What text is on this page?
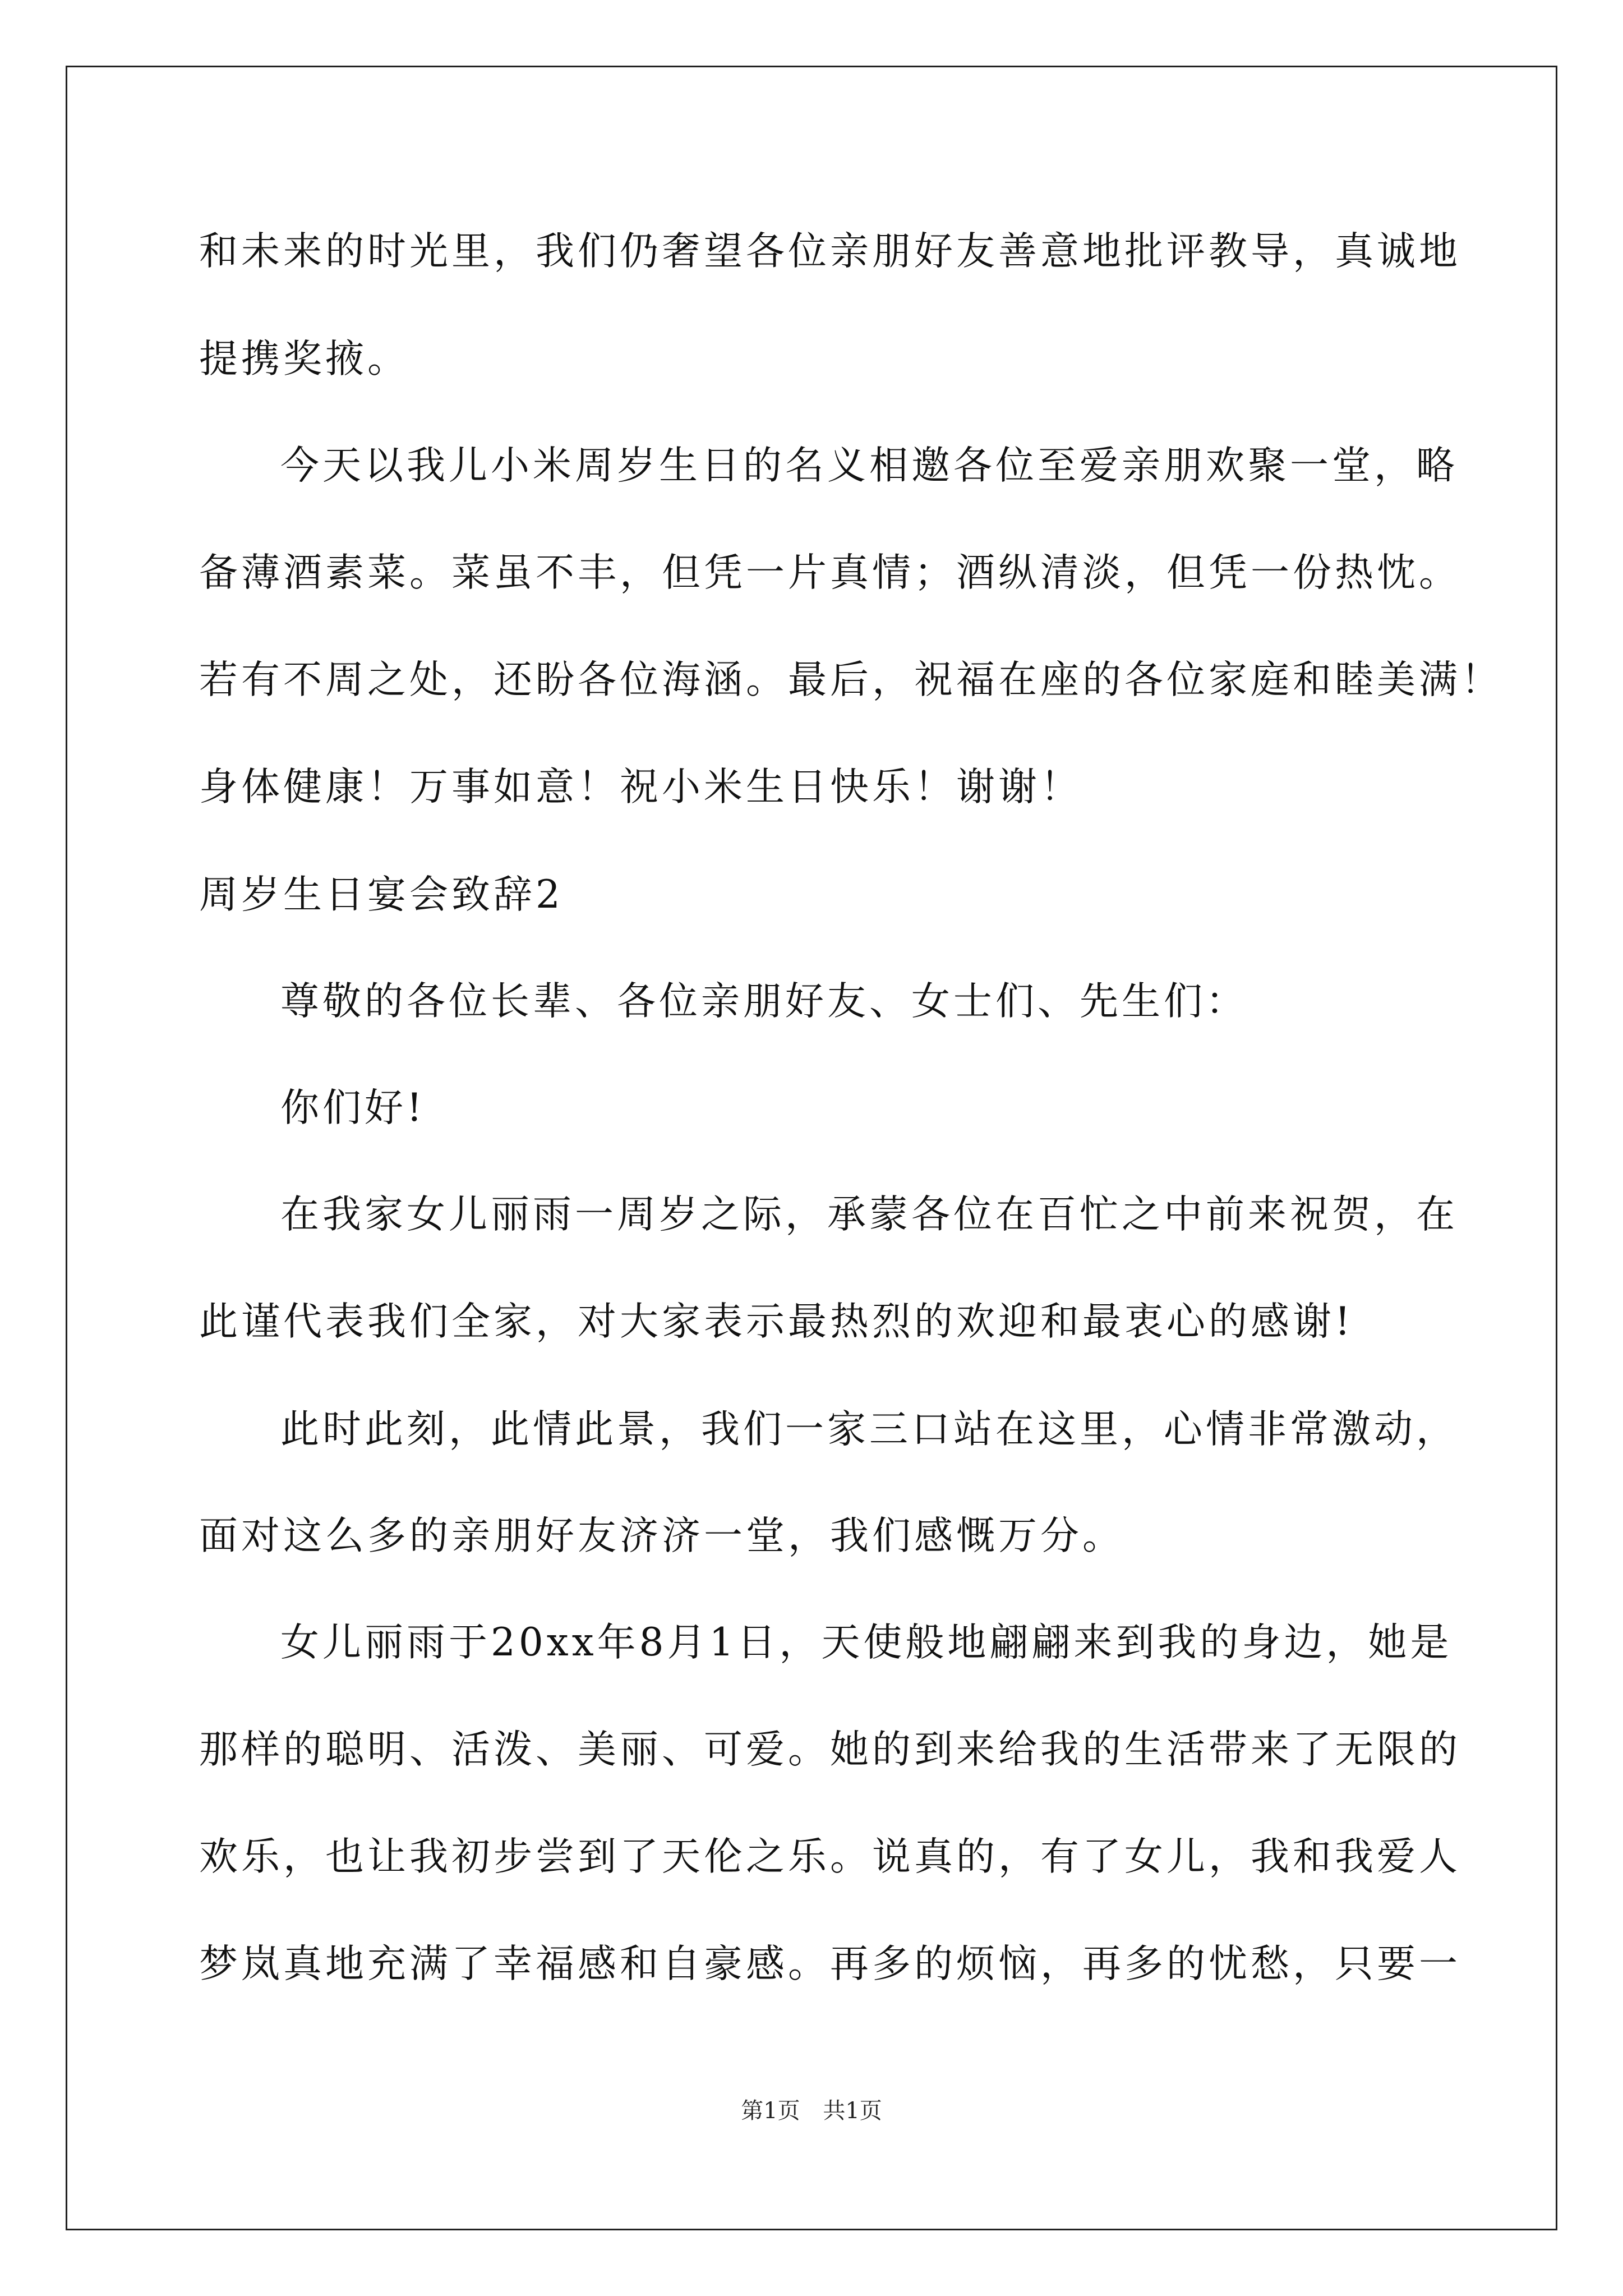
和未来的时光里，我们仍奢望各位亲朋好友善意地批评教导，真诚地
提携奖掖。
今天以我儿小米周岁生日的名义相邀各位至爱亲朋欢聚一堂，略
备薄酒素菜。菜虽不丰，但凭一片真情；酒纵清淡，但凭一份热忱。
若有不周之处，还盼各位海涵。最后，祝福在座的各位家庭和睦美满！
身体健康！万事如意！祝小米生日快乐！谢谢！
周岁生日宴会致辞2
尊敬的各位长辈、各位亲朋好友、女士们、先生们：
你们好!
在我家女儿丽雨一周岁之际，承蒙各位在百忙之中前来祝贺，在
此谨代表我们全家，对大家表示最热烈的欢迎和最衷心的感谢!
此时此刻，此情此景，我们一家三口站在这里，心情非常激动，
面对这么多的亲朋好友济济一堂，我们感慨万分。
女儿丽雨于20xx年8月1日，天使般地翩翩来到我的身边，她是
那样的聪明、活泼、美丽、可爱。她的到来给我的生活带来了无限的
欢乐，也让我初步尝到了天伦之乐。说真的，有了女儿，我和我爱人
梦岚真地充满了幸福感和自豪感。再多的烦恼，再多的忧愁，只要一
第1页 共1页
